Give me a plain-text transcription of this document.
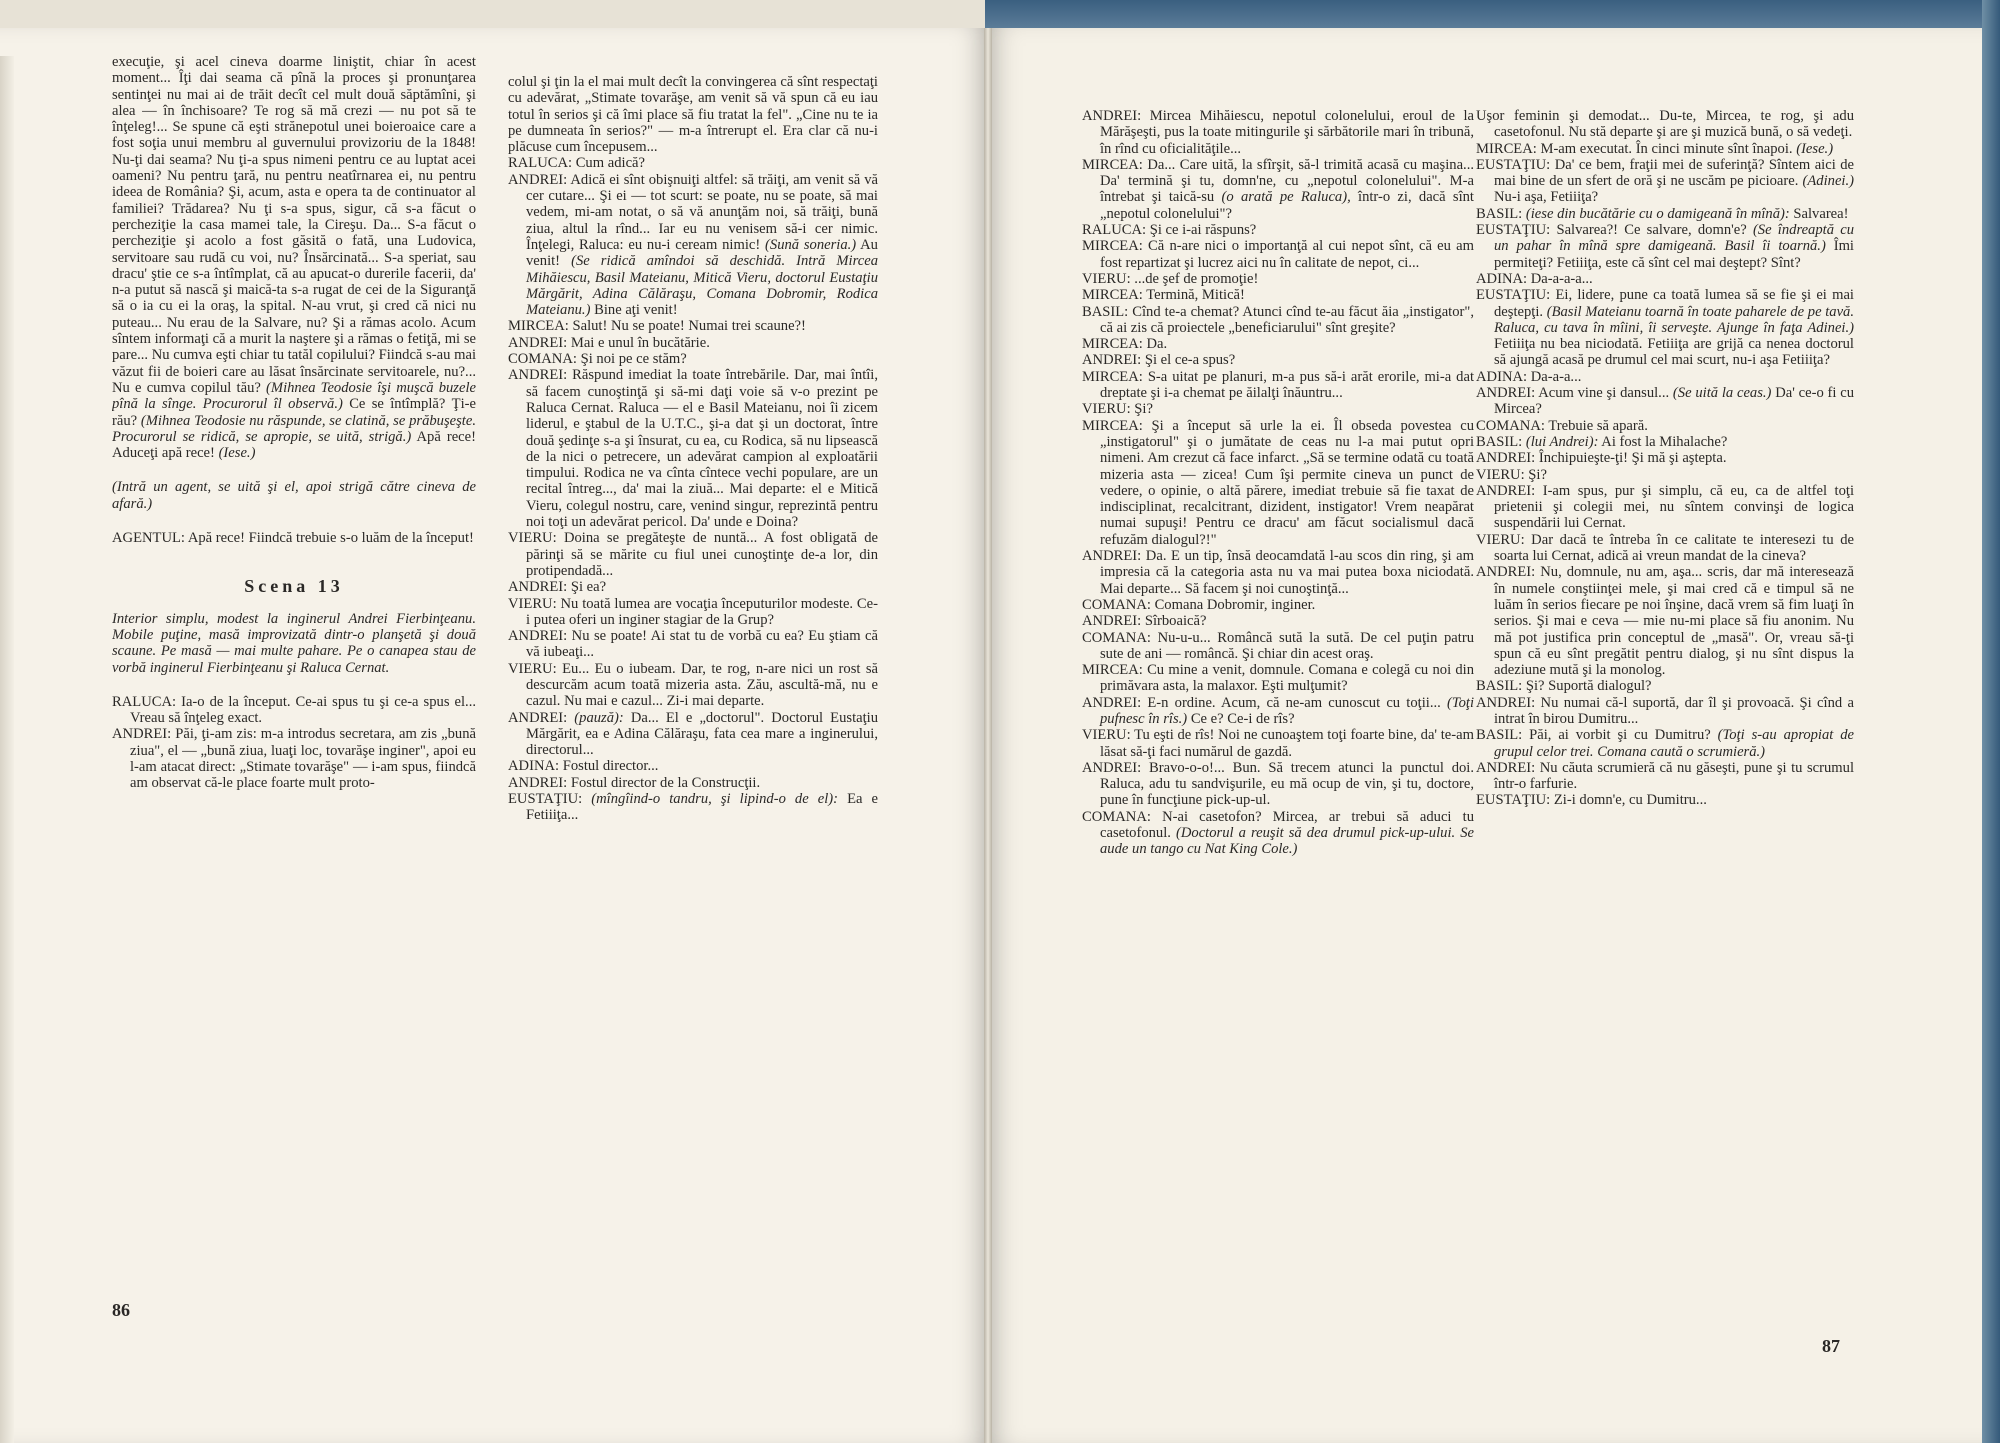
execuţie, şi acel cineva doarme liniştit, chiar în acest moment... Îţi dai seama că pînă la proces şi pronunţarea sentinţei nu mai ai de trăit decît cel mult două săptămîni, şi alea — în închisoare? Te rog să mă crezi — nu pot să te înţeleg!... Se spune că eşti strănepotul unei boieroaice care a fost soţia unui membru al guvernului provizoriu de la 1848! Nu-ţi dai seama? Nu ţi-a spus nimeni pentru ce au luptat acei oameni? Nu pentru ţară, nu pentru neatîrnarea ei, nu pentru ideea de România? Şi, acum, asta e opera ta de continuator al familiei? Trădarea? Nu ţi s-a spus, sigur, că s-a făcut o percheziţie la casa mamei tale, la Cireşu. Da... S-a făcut o percheziţie şi acolo a fost găsită o fată, una Ludovica, servitoare sau rudă cu voi, nu? Însărcinată... S-a speriat, sau dracu' ştie ce s-a întîmplat, că au apucat-o durerile facerii, da' n-a putut să nască şi maică-ta s-a rugat de cei de la Siguranţă să o ia cu ei la oraş, la spital. N-au vrut, şi cred că nici nu puteau... Nu erau de la Salvare, nu? Şi a rămas acolo. Acum sîntem informaţi că a murit la naştere şi a rămas o fetiţă, mi se pare... Nu cumva eşti chiar tu tatăl copilului? Fiindcă s-au mai văzut fii de boieri care au lăsat însărcinate servitoarele, nu?... Nu e cumva copilul tău? (Mihnea Teodosie îşi muşcă buzele pînă la sînge. Procurorul îl observă.) Ce se întîmplă? Ţi-e rău? (Mihnea Teodosie nu răspunde, se clatină, se prăbuşeşte. Procurorul se ridică, se apropie, se uită, strigă.) Apă rece! Aduceţi apă rece! (Iese.)
(Intră un agent, se uită şi el, apoi strigă către cineva de afară.)
AGENTUL: Apă rece! Fiindcă trebuie s-o luăm de la început!
Scena 13
Interior simplu, modest la inginerul Andrei Fierbinţeanu. Mobile puţine, masă improvizată dintr-o planşetă şi două scaune. Pe masă — mai multe pahare. Pe o canapea stau de vorbă inginerul Fierbinţeanu şi Raluca Cernat.
RALUCA: Ia-o de la început. Ce-ai spus tu şi ce-a spus el... Vreau să înţeleg exact.
ANDREI: Păi, ţi-am zis: m-a introdus secretara, am zis „bună ziua", el — „bună ziua, luaţi loc, tovarăşe inginer", apoi eu l-am atacat direct: „Stimate tovarăşe" — i-am spus, fiindcă am observat că-le place foarte mult proto-
colul şi ţin la el mai mult decît la convingerea că sînt respectaţi cu adevărat, „Stimate tovarăşe, am venit să vă spun că eu iau totul în serios şi că îmi place să fiu tratat la fel". „Cine nu te ia pe dumneata în serios?" — m-a întrerupt el. Era clar că nu-i plăcuse cum începusem...
RALUCA: Cum adică?
ANDREI: Adică ei sînt obişnuiţi altfel: să trăiţi, am venit să vă cer cutare... Şi ei — tot scurt: se poate, nu se poate, să mai vedem, mi-am notat, o să vă anunţăm noi, să trăiţi, bună ziua, altul la rînd... Iar eu nu venisem să-i cer nimic. Înţelegi, Raluca: eu nu-i ceream nimic! (Sună soneria.) Au venit! (Se ridică amîndoi să deschidă. Intră Mircea Mihăiescu, Basil Mateianu, Mitică Vieru, doctorul Eustaţiu Mărgărit, Adina Călăraşu, Comana Dobromir, Rodica Mateianu.) Bine aţi venit!
MIRCEA: Salut! Nu se poate! Numai trei scaune?!
ANDREI: Mai e unul în bucătărie.
COMANA: Şi noi pe ce stăm?
ANDREI: Răspund imediat la toate întrebările. Dar, mai întîi, să facem cunoştinţă şi să-mi daţi voie să v-o prezint pe Raluca Cernat. Raluca — el e Basil Mateianu, noi îi zicem liderul, e ştabul de la U.T.C., şi-a dat şi un doctorat, între două şedinţe s-a şi însurat, cu ea, cu Rodica, să nu lipsească de la nici o petrecere, un adevărat campion al exploatării timpului. Rodica ne va cînta cîntece vechi populare, are un recital întreg..., da' mai la ziuă... Mai departe: el e Mitică Vieru, colegul nostru, care, venind singur, reprezintă pentru noi toţi un adevărat pericol. Da' unde e Doina?
VIERU: Doina se pregăteşte de nuntă... A fost obligată de părinţi să se mărite cu fiul unei cunoştinţe de-a lor, din protipendadă...
ANDREI: Şi ea?
VIERU: Nu toată lumea are vocaţia începuturilor modeste. Ce-i putea oferi un inginer stagiar de la Grup?
ANDREI: Nu se poate! Ai stat tu de vorbă cu ea? Eu ştiam că vă iubeaţi...
VIERU: Eu... Eu o iubeam. Dar, te rog, n-are nici un rost să descurcăm acum toată mizeria asta. Zău, ascultă-mă, nu e cazul. Nu mai e cazul... Zi-i mai departe.
ANDREI: (pauză): Da... El e „doctorul". Doctorul Eustaţiu Mărgărit, ea e Adina Călăraşu, fata cea mare a inginerului, directorul...
ADINA: Fostul director...
ANDREI: Fostul director de la Construcţii.
EUSTAŢIU: (mîngîind-o tandru, şi lipind-o de el): Ea e Fetiiiţa...
ANDREI: Mircea Mihăiescu, nepotul colonelului, eroul de la Mărăşeşti, pus la toate mitingurile şi sărbătorile mari în tribună, în rînd cu oficialităţile...
MIRCEA: Da... Care uită, la sfîrşit, să-l trimită acasă cu maşina... Da' termină şi tu, domn'ne, cu „nepotul colonelului". M-a întrebat şi taică-su (o arată pe Raluca), într-o zi, dacă sînt „nepotul colonelului"?
RALUCA: Şi ce i-ai răspuns?
MIRCEA: Că n-are nici o importanţă al cui nepot sînt, că eu am fost repartizat şi lucrez aici nu în calitate de nepot, ci...
VIERU: ...de şef de promoţie!
MIRCEA: Termină, Mitică!
BASIL: Cînd te-a chemat? Atunci cînd te-au făcut ăia „instigator", că ai zis că proiectele „beneficiarului" sînt greşite?
MIRCEA: Da.
ANDREI: Şi el ce-a spus?
MIRCEA: S-a uitat pe planuri, m-a pus să-i arăt erorile, mi-a dat dreptate şi i-a chemat pe ăilalţi înăuntru...
VIERU: Şi?
MIRCEA: Şi a început să urle la ei. Îl obseda povestea cu „instigatorul" şi o jumătate de ceas nu l-a mai putut opri nimeni. Am crezut că face infarct. „Să se termine odată cu toată mizeria asta — zicea! Cum îşi permite cineva un punct de vedere, o opinie, o altă părere, imediat trebuie să fie taxat de indisciplinat, recalcitrant, dizident, instigator! Vrem neapărat numai supuşi! Pentru ce dracu' am făcut socialismul dacă refuzăm dialogul?!"
ANDREI: Da. E un tip, însă deocamdată l-au scos din ring, şi am impresia că la categoria asta nu va mai putea boxa niciodată. Mai departe... Să facem şi noi cunoştinţă...
COMANA: Comana Dobromir, inginer.
ANDREI: Sîrboaică?
COMANA: Nu-u-u... Româncă sută la sută. De cel puţin patru sute de ani — româncă. Şi chiar din acest oraş.
MIRCEA: Cu mine a venit, domnule. Comana e colegă cu noi din primăvara asta, la malaxor. Eşti mulţumit?
ANDREI: E-n ordine. Acum, că ne-am cunoscut cu toţii... (Toţi pufnesc în rîs.) Ce e? Ce-i de rîs?
VIERU: Tu eşti de rîs! Noi ne cunoaştem toţi foarte bine, da' te-am lăsat să-ţi faci numărul de gazdă.
ANDREI: Bravo-o-o!... Bun. Să trecem atunci la punctul doi. Raluca, adu tu sandvişurile, eu mă ocup de vin, şi tu, doctore, pune în funcţiune pick-up-ul.
COMANA: N-ai casetofon? Mircea, ar trebui să aduci tu casetofonul. (Doctorul a reuşit să dea drumul pick-up-ului. Se aude un tango cu Nat King Cole.)
Uşor feminin şi demodat... Du-te, Mircea, te rog, şi adu casetofonul. Nu stă departe şi are şi muzică bună, o să vedeţi.
MIRCEA: M-am executat. În cinci minute sînt înapoi. (Iese.)
EUSTAŢIU: Da' ce bem, fraţii mei de suferinţă? Sîntem aici de mai bine de un sfert de oră şi ne uscăm pe picioare. (Adinei.) Nu-i aşa, Fetiiiţa?
BASIL: (iese din bucătărie cu o damigeană în mînă): Salvarea!
EUSTAŢIU: Salvarea?! Ce salvare, domn'e? (Se îndreaptă cu un pahar în mînă spre damigeană. Basil îi toarnă.) Îmi permiteţi? Fetiiiţa, este că sînt cel mai deştept? Sînt?
ADINA: Da-a-a-a...
EUSTAŢIU: Ei, lidere, pune ca toată lumea să se fie şi ei mai deştepţi. (Basil Mateianu toarnă în toate paharele de pe tavă. Raluca, cu tava în mîini, îi serveşte. Ajunge în faţa Adinei.) Fetiiiţa nu bea niciodată. Fetiiiţa are grijă ca nenea doctorul să ajungă acasă pe drumul cel mai scurt, nu-i aşa Fetiiiţa?
ADINA: Da-a-a...
ANDREI: Acum vine şi dansul... (Se uită la ceas.) Da' ce-o fi cu Mircea?
COMANA: Trebuie să apară.
BASIL: (lui Andrei): Ai fost la Mihalache?
ANDREI: Închipuieşte-ţi! Şi mă şi aştepta.
VIERU: Şi?
ANDREI: I-am spus, pur şi simplu, că eu, ca de altfel toţi prietenii şi colegii mei, nu sîntem convinşi de logica suspendării lui Cernat.
VIERU: Dar dacă te întreba în ce calitate te interesezi tu de soarta lui Cernat, adică ai vreun mandat de la cineva?
ANDREI: Nu, domnule, nu am, aşa... scris, dar mă interesează în numele conştiinţei mele, şi mai cred că e timpul să ne luăm în serios fiecare pe noi înşine, dacă vrem să fim luaţi în serios. Şi mai e ceva — mie nu-mi place să fiu anonim. Nu mă pot justifica prin conceptul de „masă". Or, vreau să-ţi spun că eu sînt pregătit pentru dialog, şi nu sînt dispus la adeziune mută şi la monolog.
BASIL: Şi? Suportă dialogul?
ANDREI: Nu numai că-l suportă, dar îl şi provoacă. Şi cînd a intrat în birou Dumitru...
BASIL: Păi, ai vorbit şi cu Dumitru? (Toţi s-au apropiat de grupul celor trei. Comana caută o scrumieră.)
ANDREI: Nu căuta scrumieră că nu găseşti, pune şi tu scrumul într-o farfurie.
EUSTAŢIU: Zi-i domn'e, cu Dumitru...
86
87
